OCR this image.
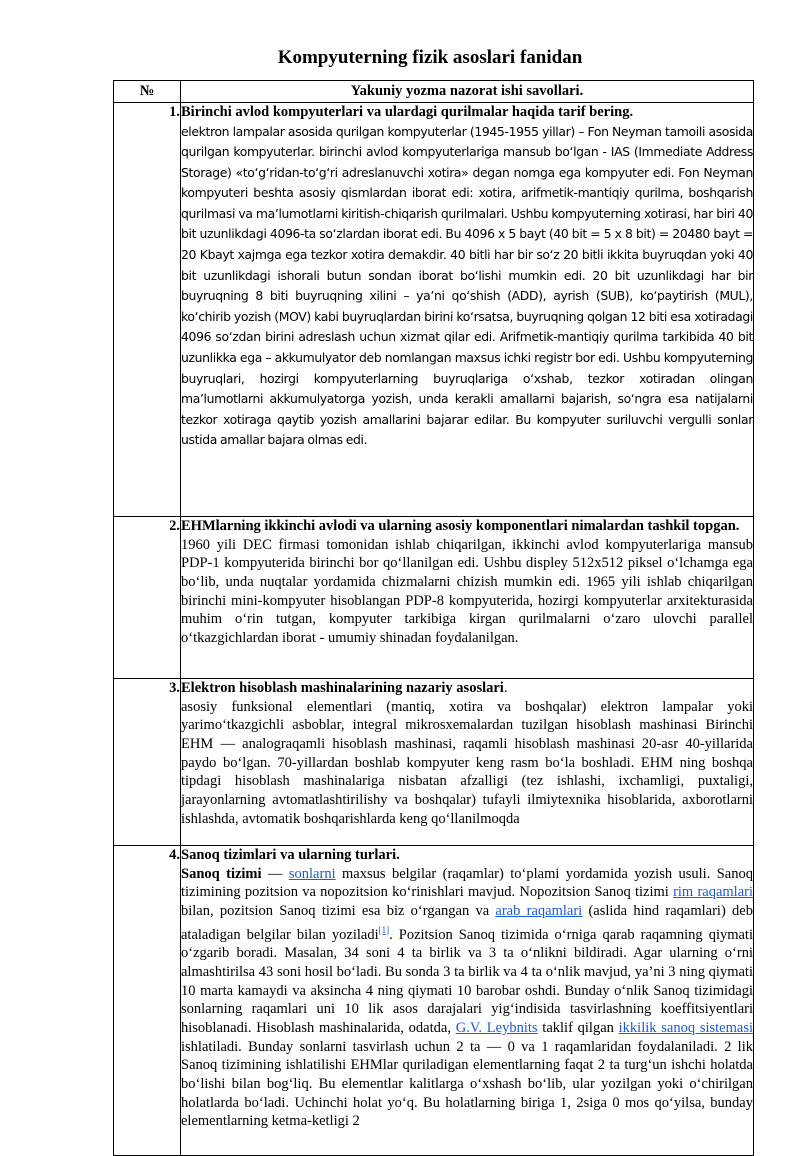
Kompyuterning fizik asoslari fanidan
№	Yakuniy yozma nazorat ishi savollari.
1.	Birinchi avlod kompyuterlari va ulardagi qurilmalar haqida tarif bering.
elektron lampalar asosida qurilgan kompyuterlar (1945-1955 yillar) – Fon Neyman tamoili asosida qurilgan kompyuterlar. birinchi avlod kompyuterlariga mansub bo‘lgan - IAS (Immediate Address Storage) «to‘g‘ridan-to‘g‘ri adreslanuvchi xotira» degan nomga ega kompyuter edi. Fon Neyman kompyuteri beshta asosiy qismlardan iborat edi: xotira, arifmetik-mantiqiy qurilma, boshqarish qurilmasi va ma’lumotlarni kiritish-chiqarish qurilmalari. Ushbu kompyuterning xotirasi, har biri 40 bit uzunlikdagi 4096-ta so‘zlardan iborat edi. Bu 4096 x 5 bayt (40 bit = 5 x 8 bit) = 20480 bayt = 20 Kbayt xajmga ega tezkor xotira demakdir. 40 bitli har bir so‘z 20 bitli ikkita buyruqdan yoki 40 bit uzunlikdagi ishorali butun sondan iborat bo‘lishi mumkin edi. 20 bit uzunlikdagi har bir buyruqning 8 biti buyruqning xilini – ya’ni qo‘shish (ADD), ayrish (SUB), ko‘paytirish (MUL), ko‘chirib yozish (MOV) kabi buyruqlardan birini ko‘rsatsa, buyruqning qolgan 12 biti esa xotiradagi 4096 so‘zdan birini adreslash uchun xizmat qilar edi. Arifmetik-mantiqiy qurilma tarkibida 40 bit uzunlikka ega – akkumulyator deb nomlangan maxsus ichki registr bor edi. Ushbu kompyuterning buyruqlari, hozirgi kompyuterlarning buyruqlariga o‘xshab, tezkor xotiradan olingan ma’lumotlarni akkumulyatorga yozish, unda kerakli amallarni bajarish, so‘ngra esa natijalarni tezkor xotiraga qaytib yozish amallarini bajarar edilar. Bu kompyuter suriluvchi vergulli sonlar ustida amallar bajara olmas edi.

2.	EHMlarning ikkinchi avlodi va ularning asosiy komponentlari nimalardan tashkil topgan.
1960 yili DEC firmasi tomonidan ishlab chiqarilgan, ikkinchi avlod kompyuterlariga mansub PDP-1 kompyuterida birinchi bor qo‘llanilgan edi. Ushbu displey 512x512 piksel o‘lchamga ega bo‘lib, unda nuqtalar yordamida chizmalarni chizish mumkin edi. 1965 yili ishlab chiqarilgan birinchi mini-kompyuter hisoblangan PDP-8 kompyuterida, hozirgi kompyuterlar arxitekturasida muhim o‘rin tutgan, kompyuter tarkibiga kirgan qurilmalarni o‘zaro ulovchi parallel o‘tkazgichlardan iborat - umumiy shinadan foydalanilgan.

3.	Elektron hisoblash mashinalarining nazariy asoslari.
asosiy funksional elementlari (mantiq, xotira va boshqalar) elektron lampalar yoki yarimo‘tkazgichli asboblar, integral mikrosxemalardan tuzilgan hisoblash mashinasi Birinchi EHM — analograqamli hisoblash mashinasi, raqamli hisoblash mashinasi 20-asr 40-yillarida paydo bo‘lgan. 70-yillardan boshlab kompyuter keng rasm bo‘la boshladi. EHM ning boshqa tipdagi hisoblash mashinalariga nisbatan afzalligi (tez ishlashi, ixchamligi, puxtaligi, jarayonlarning avtomatlashtirilishy va boshqalar) tufayli ilmiytexnika hisoblarida, axborotlarni ishlashda, avtomatik boshqarishlarda keng qo‘llanilmoqda

4.	Sanoq tizimlari va ularning turlari.
Sanoq tizimi — sonlarni maxsus belgilar (raqamlar) to‘plami yordamida yozish usuli. Sanoq tizimining pozitsion va nopozitsion ko‘rinishlari mavjud. Nopozitsion Sanoq tizimi rim raqamlari bilan, pozitsion Sanoq tizimi esa biz o‘rgangan va arab raqamlari (aslida hind raqamlari) deb ataladigan belgilar bilan yoziladi[1]. Pozitsion Sanoq tizimida o‘rniga qarab raqamning qiymati o‘zgarib boradi. Masalan, 34 soni 4 ta birlik va 3 ta o‘nlikni bildiradi. Agar ularning o‘rni almashtirilsa 43 soni hosil bo‘ladi. Bu sonda 3 ta birlik va 4 ta o‘nlik mavjud, ya’ni 3 ning qiymati 10 marta kamaydi va aksincha 4 ning qiymati 10 barobar oshdi. Bunday o‘nlik Sanoq tizimidagi sonlarning raqamlari uni 10 lik asos darajalari yig‘indisida tasvirlashning koeffitsiyentlari hisoblanadi. Hisoblash mashinalarida, odatda, G.V. Leybnits taklif qilgan ikkilik sanoq sistemasi ishlatiladi. Bunday sonlarni tasvirlash uchun 2 ta — 0 va 1 raqamlaridan foydalaniladi. 2 lik Sanoq tizimining ishlatilishi EHMlar quriladigan elementlarning faqat 2 ta turg‘un ishchi holatda bo‘lishi bilan bog‘liq. Bu elementlar kalitlarga o‘xshash bo‘lib, ular yozilgan yoki o‘chirilgan holatlarda bo‘ladi. Uchinchi holat yo‘q. Bu holatlarning biriga 1, 2siga 0 mos qo‘yilsa, bunday elementlarning ketma-ketligi 2
